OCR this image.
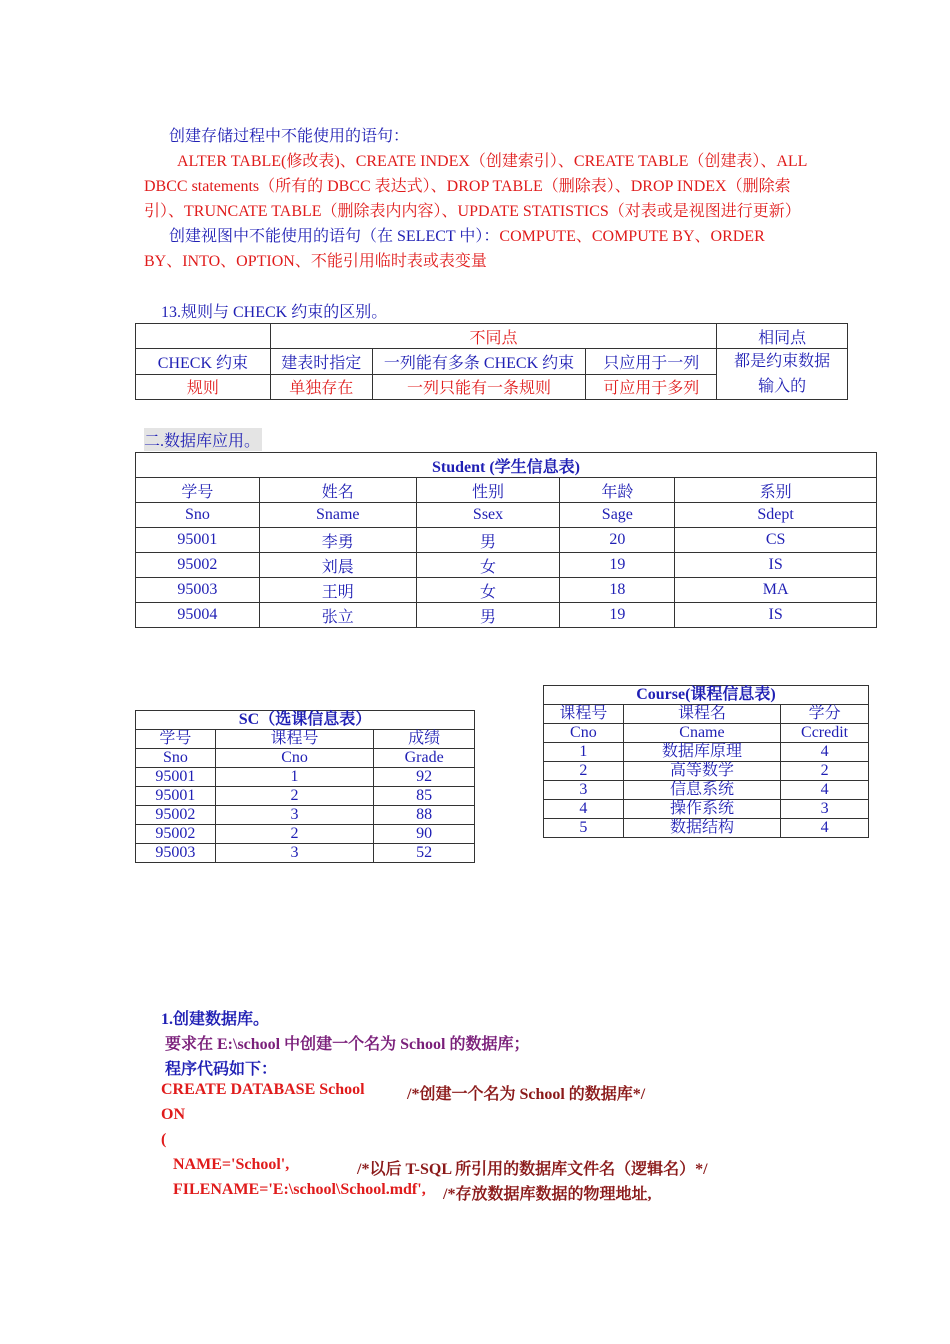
创建存储过程中不能使用的语句：
ALTER TABLE(修改表)、CREATE INDEX（创建索引）、CREATE TABLE（创建表）、ALL
DBCC statements（所有的 DBCC 表达式）、DROP TABLE（删除表）、DROP INDEX（删除索
引）、TRUNCATE TABLE（删除表内内容）、UPDATE STATISTICS（对表或是视图进行更新）
创建视图中不能使用的语句（在 SELECT 中）：COMPUTE、COMPUTE BY、ORDER
BY、INTO、OPTION、不能引用临时表或表变量
13.规则与 CHECK 约束的区别。
	不同点			相同点
CHECK 约束	建表时指定	一列能有多条 CHECK 约束	只应用于一列	都是约束数据输入的
规则	单独存在	一列只能有一条规则	可应用于多列	
二.数据库应用。
Student (学生信息表)				
学号	姓名	性别	年龄	系别
Sno	Sname	Ssex	Sage	Sdept
95001	李勇	男	20	CS
95002	刘晨	女	19	IS
95003	王明	女	18	MA
95004	张立	男	19	IS
SC（选课信息表）		
学号	课程号	成绩
Sno	Cno	Grade
95001	1	92
95001	2	85
95002	3	88
95002	2	90
95003	3	52
Course(课程信息表)		
课程号	课程名	学分
Cno	Cname	Ccredit
1	数据库原理	4
2	高等数学	2
3	信息系统	4
4	操作系统	3
5	数据结构	4
1.创建数据库。
要求在 E:\school 中创建一个名为 School 的数据库；
程序代码如下：
CREATE DATABASE School	/*创建一个名为 School 的数据库*/
ON
(
NAME='School',	/*以后 T-SQL 所引用的数据库文件名（逻辑名）*/
FILENAME='E:\school\School.mdf', /*存放数据库数据的物理地址,
